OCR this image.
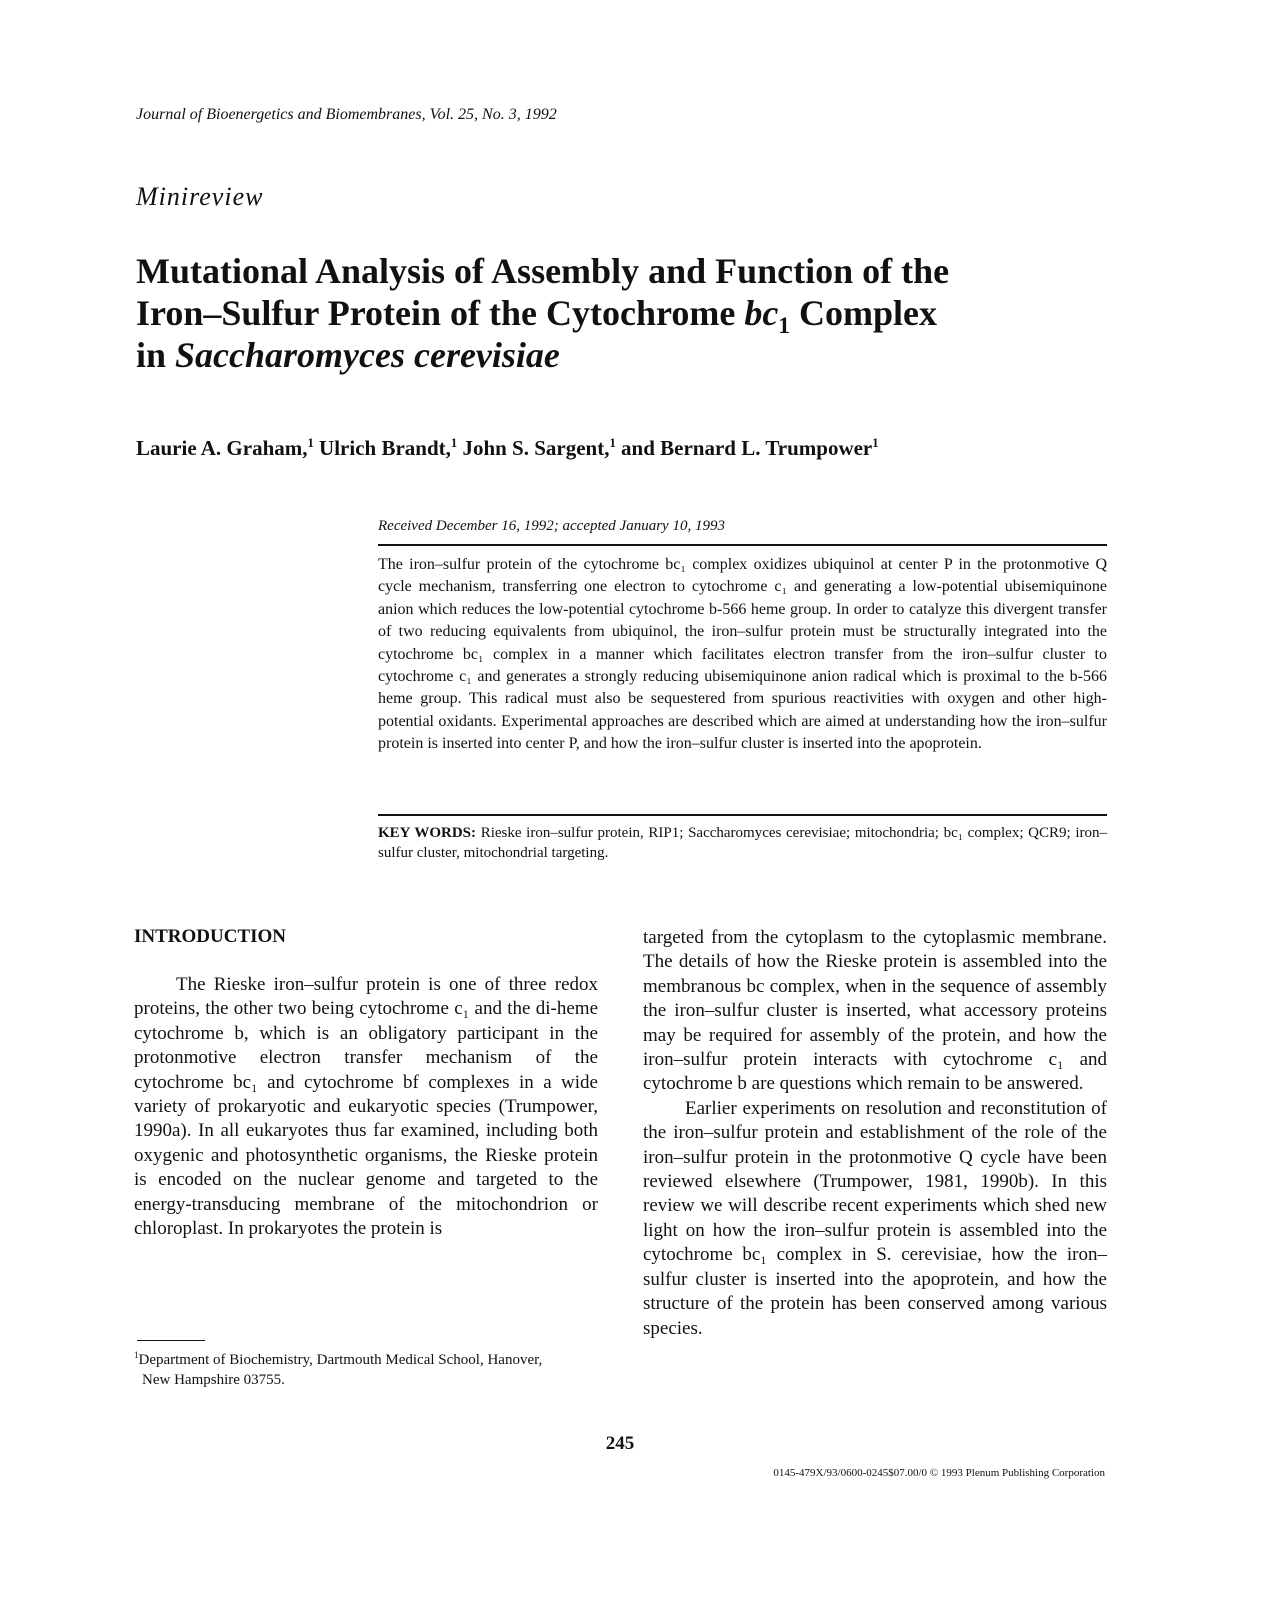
Journal of Bioenergetics and Biomembranes, Vol. 25, No. 3, 1992
Minireview
Mutational Analysis of Assembly and Function of the
Iron–Sulfur Protein of the Cytochrome $bc_1$ Complex
in Saccharomyces cerevisiae
Laurie A. Graham,$^1$ Ulrich Brandt,$^1$ John S. Sargent,$^1$ and Bernard L. Trumpower$^1$
Received December 16, 1992; accepted January 10, 1993
The iron–sulfur protein of the cytochrome bc₁ complex oxidizes ubiquinol at center P in the protonmotive Q cycle mechanism, transferring one electron to cytochrome c₁ and generating a low-potential ubisemiquinone anion which reduces the low-potential cytochrome b-566 heme group. In order to catalyze this divergent transfer of two reducing equivalents from ubiquinol, the iron–sulfur protein must be structurally integrated into the cytochrome bc₁ complex in a manner which facilitates electron transfer from the iron–sulfur cluster to cytochrome c₁ and generates a strongly reducing ubisemiquinone anion radical which is proximal to the b-566 heme group. This radical must also be sequestered from spurious reactivities with oxygen and other high-potential oxidants. Experimental approaches are described which are aimed at understanding how the iron–sulfur protein is inserted into center P, and how the iron–sulfur cluster is inserted into the apoprotein.
KEY WORDS: Rieske iron–sulfur protein, RIP1; Saccharomyces cerevisiae; mitochondria; bc₁ complex; QCR9; iron–sulfur cluster, mitochondrial targeting.
INTRODUCTION

The Rieske iron–sulfur protein is one of three redox proteins, the other two being cytochrome c₁ and the di-heme cytochrome b, which is an obligatory participant in the protonmotive electron transfer mechanism of the cytochrome bc₁ and cytochrome bf complexes in a wide variety of prokaryotic and eukaryotic species (Trumpower, 1990a). In all eukaryotes thus far examined, including both oxygenic and photosynthetic organisms, the Rieske protein is encoded on the nuclear genome and targeted to the energy-transducing membrane of the mitochondrion or chloroplast. In prokaryotes the protein is

targeted from the cytoplasm to the cytoplasmic membrane. The details of how the Rieske protein is assembled into the membranous bc complex, when in the sequence of assembly the iron–sulfur cluster is inserted, what accessory proteins may be required for assembly of the protein, and how the iron–sulfur protein interacts with cytochrome c₁ and cytochrome b are questions which remain to be answered.

Earlier experiments on resolution and reconstitution of the iron–sulfur protein and establishment of the role of the iron–sulfur protein in the protonmotive Q cycle have been reviewed elsewhere (Trumpower, 1981, 1990b). In this review we will describe recent experiments which shed new light on how the iron–sulfur protein is assembled into the cytochrome bc₁ complex in S. cerevisiae, how the iron–sulfur cluster is inserted into the apoprotein, and how the structure of the protein has been conserved among various species.

$^1$Department of Biochemistry, Dartmouth Medical School, Hanover,
New Hampshire 03755.
245
0145-479X/93/0600-0245$07.00/0 © 1993 Plenum Publishing Corporation
